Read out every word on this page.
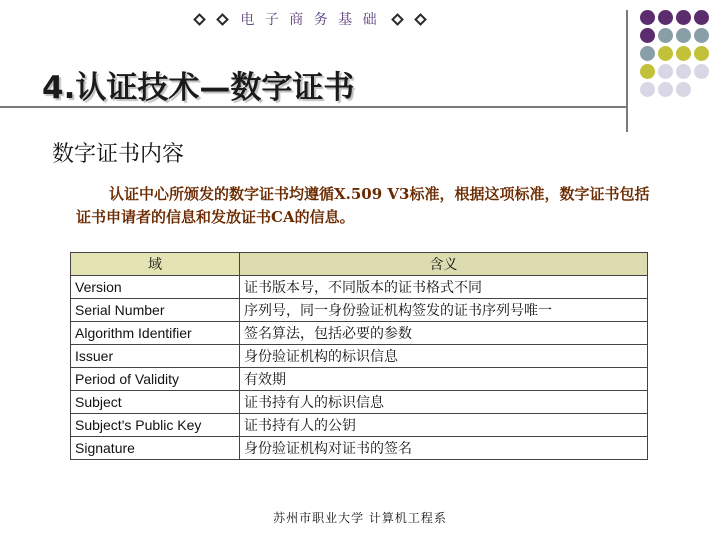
电 子 商 务 基 础
4.认证技术—数字证书
数字证书内容
认证中心所颁发的数字证书均遵循X.509 V3标准，根据这项标准，数字证书包括证书申请者的信息和发放证书CA的信息。
域	含义
Version	证书版本号，不同版本的证书格式不同
Serial Number	序列号，同一身份验证机构签发的证书序列号唯一
Algorithm Identifier	签名算法，包括必要的参数
Issuer	身份验证机构的标识信息
Period of Validity	有效期
Subject	证书持有人的标识信息
Subject's Public Key	证书持有人的公钥
Signature	身份验证机构对证书的签名
苏州市职业大学 计算机工程系
